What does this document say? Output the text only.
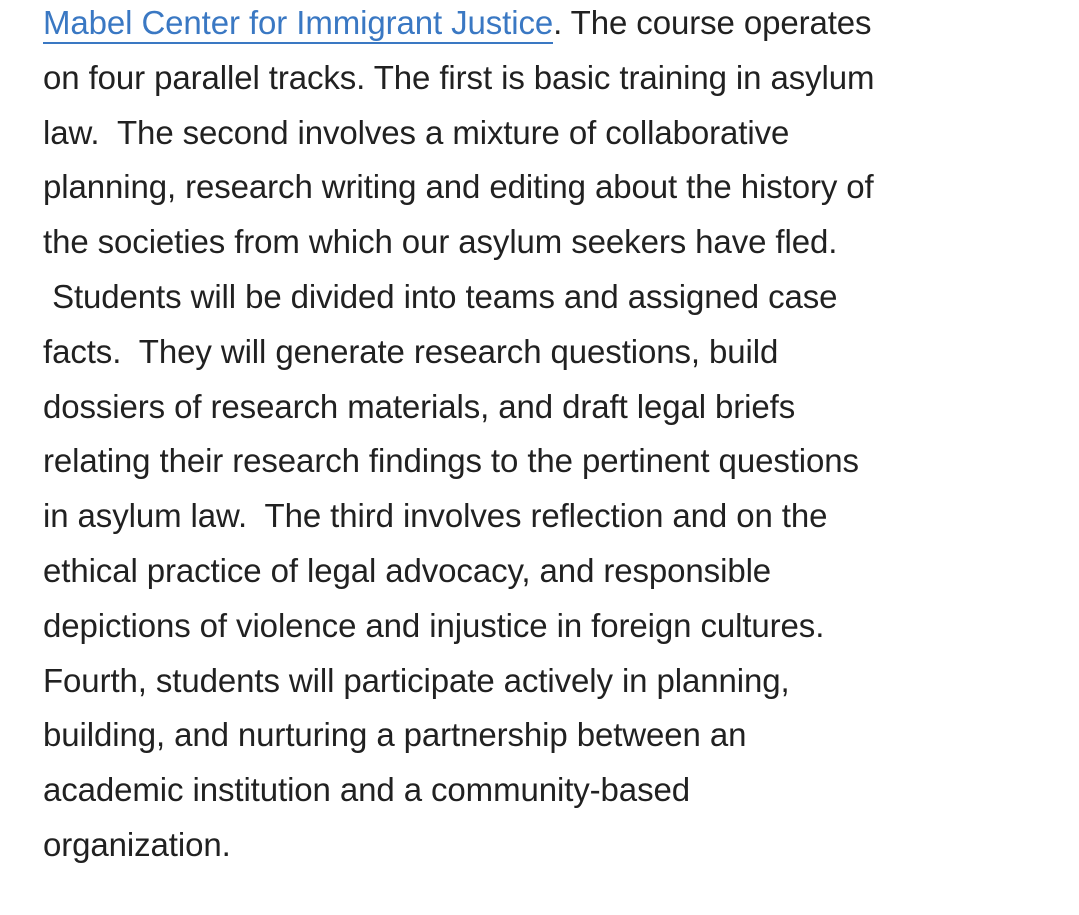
Mabel Center for Immigrant Justice. The course operates
on four parallel tracks. The first is basic training in asylum
law.  The second involves a mixture of collaborative
planning, research writing and editing about the history of
the societies from which our asylum seekers have fled.
Students will be divided into teams and assigned case
facts.  They will generate research questions, build
dossiers of research materials, and draft legal briefs
relating their research findings to the pertinent questions
in asylum law.  The third involves reflection and on the
ethical practice of legal advocacy, and responsible
depictions of violence and injustice in foreign cultures.
Fourth, students will participate actively in planning,
building, and nurturing a partnership between an
academic institution and a community-based
organization.
